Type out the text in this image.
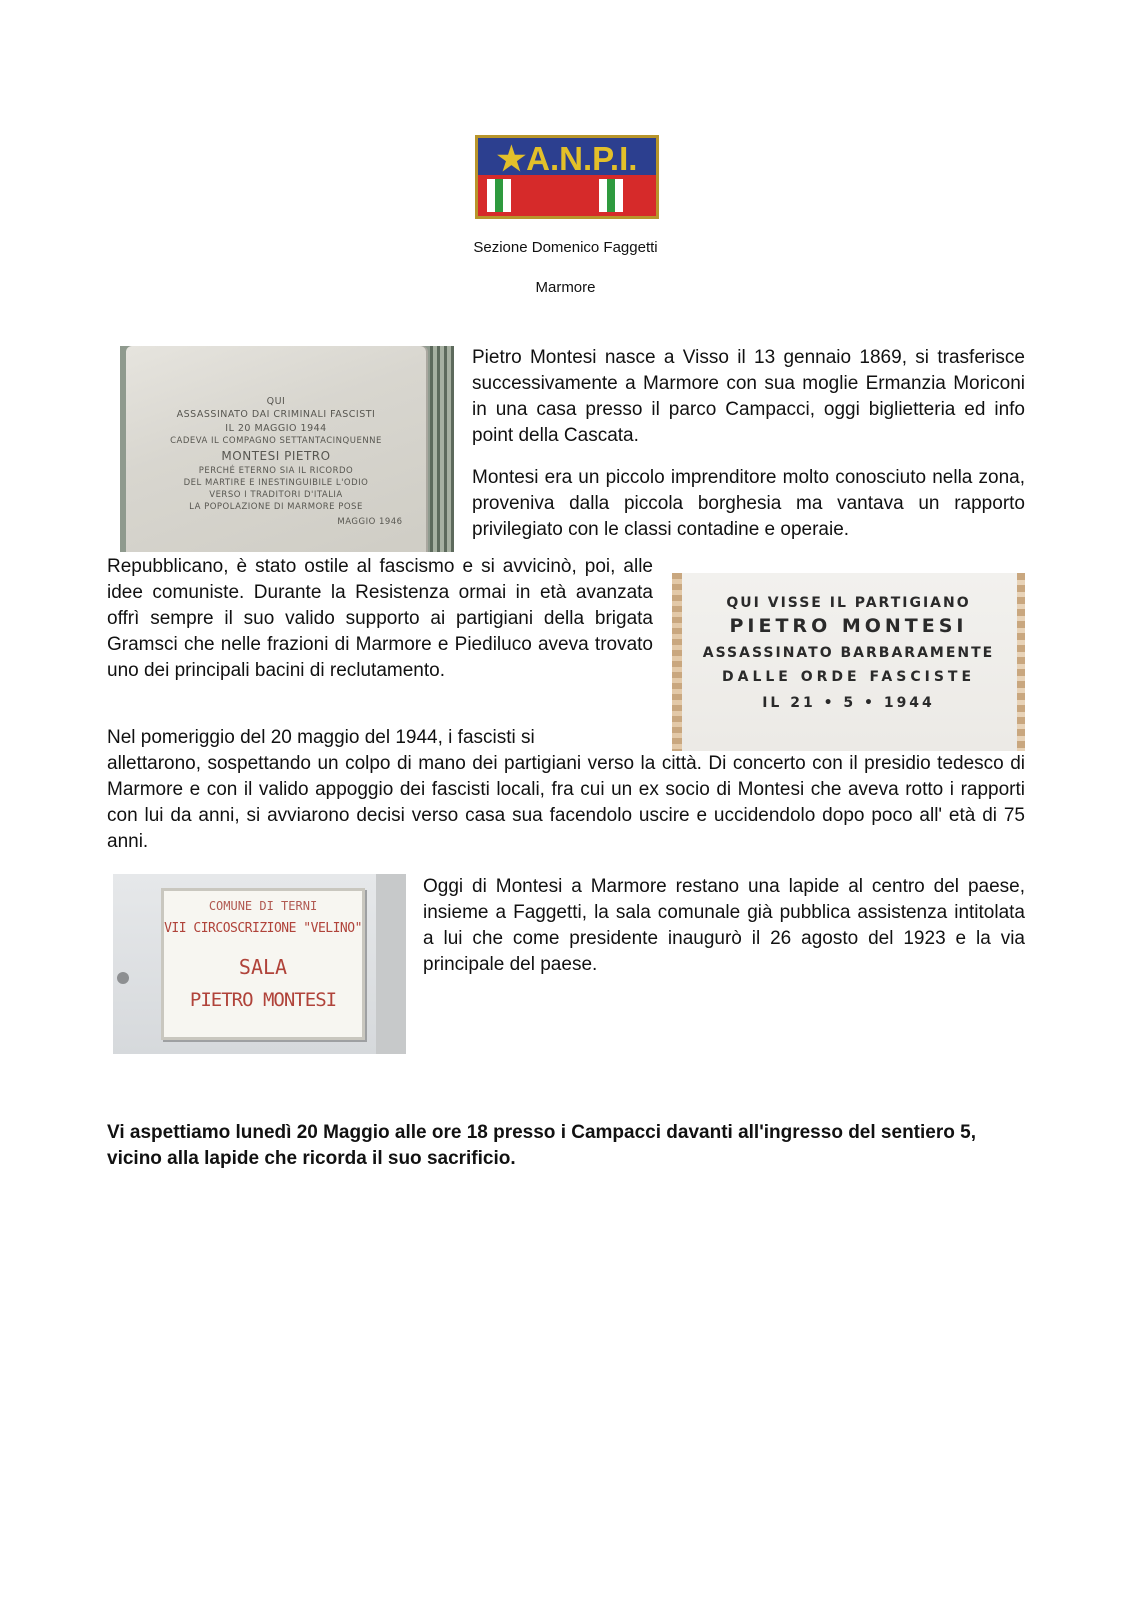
★A.N.P.I.
Sezione Domenico Faggetti
Marmore
QUI
ASSASSINATO DAI CRIMINALI FASCISTI
IL 20 MAGGIO 1944
CADEVA IL COMPAGNO SETTANTACINQUENNE
MONTESI PIETRO
PERCHÉ ETERNO SIA IL RICORDO
DEL MARTIRE E INESTINGUIBILE L'ODIO
VERSO I TRADITORI D'ITALIA
LA POPOLAZIONE DI MARMORE POSE
MAGGIO 1946

Pietro Montesi nasce a Visso il 13 gennaio 1869, si trasferisce successivamente a Marmore con sua moglie Ermanzia Moriconi in una casa presso il parco Campacci, oggi biglietteria ed info point della Cascata.

Montesi era un piccolo imprenditore molto conosciuto nella zona, proveniva dalla piccola borghesia ma vantava un rapporto privilegiato con le classi contadine e operaie.

QUI VISSE IL PARTIGIANO
PIETRO MONTESI
ASSASSINATO BARBARAMENTE
DALLE ORDE FASCISTE
IL 21 • 5 • 1944

Repubblicano, è stato ostile al fascismo e si avvicinò, poi, alle idee comuniste. Durante la Resistenza ormai in età avanzata offrì sempre il suo valido supporto ai partigiani della brigata Gramsci che nelle frazioni di Marmore e Piediluco aveva trovato uno dei principali bacini di reclutamento.

Nel pomeriggio del 20 maggio del 1944, i fascisti si

allettarono, sospettando un colpo di mano dei partigiani verso la città. Di concerto con il presidio tedesco di Marmore e con il valido appoggio dei fascisti locali, fra cui un ex socio di Montesi che aveva rotto i rapporti con lui da anni, si avviarono decisi verso casa sua facendolo uscire e uccidendolo dopo poco all' età di 75 anni.

COMUNE DI TERNI
VII CIRCOSCRIZIONE "VELINO"
SALA
PIETRO MONTESI

Oggi di Montesi a Marmore restano una lapide al centro del paese, insieme a Faggetti, la sala comunale già pubblica assistenza intitolata a lui che come presidente inaugurò il 26 agosto del 1923 e la via principale del paese.

Vi aspettiamo lunedì 20 Maggio alle ore 18 presso i Campacci davanti all'ingresso del sentiero 5, vicino alla lapide che ricorda il suo sacrificio.
